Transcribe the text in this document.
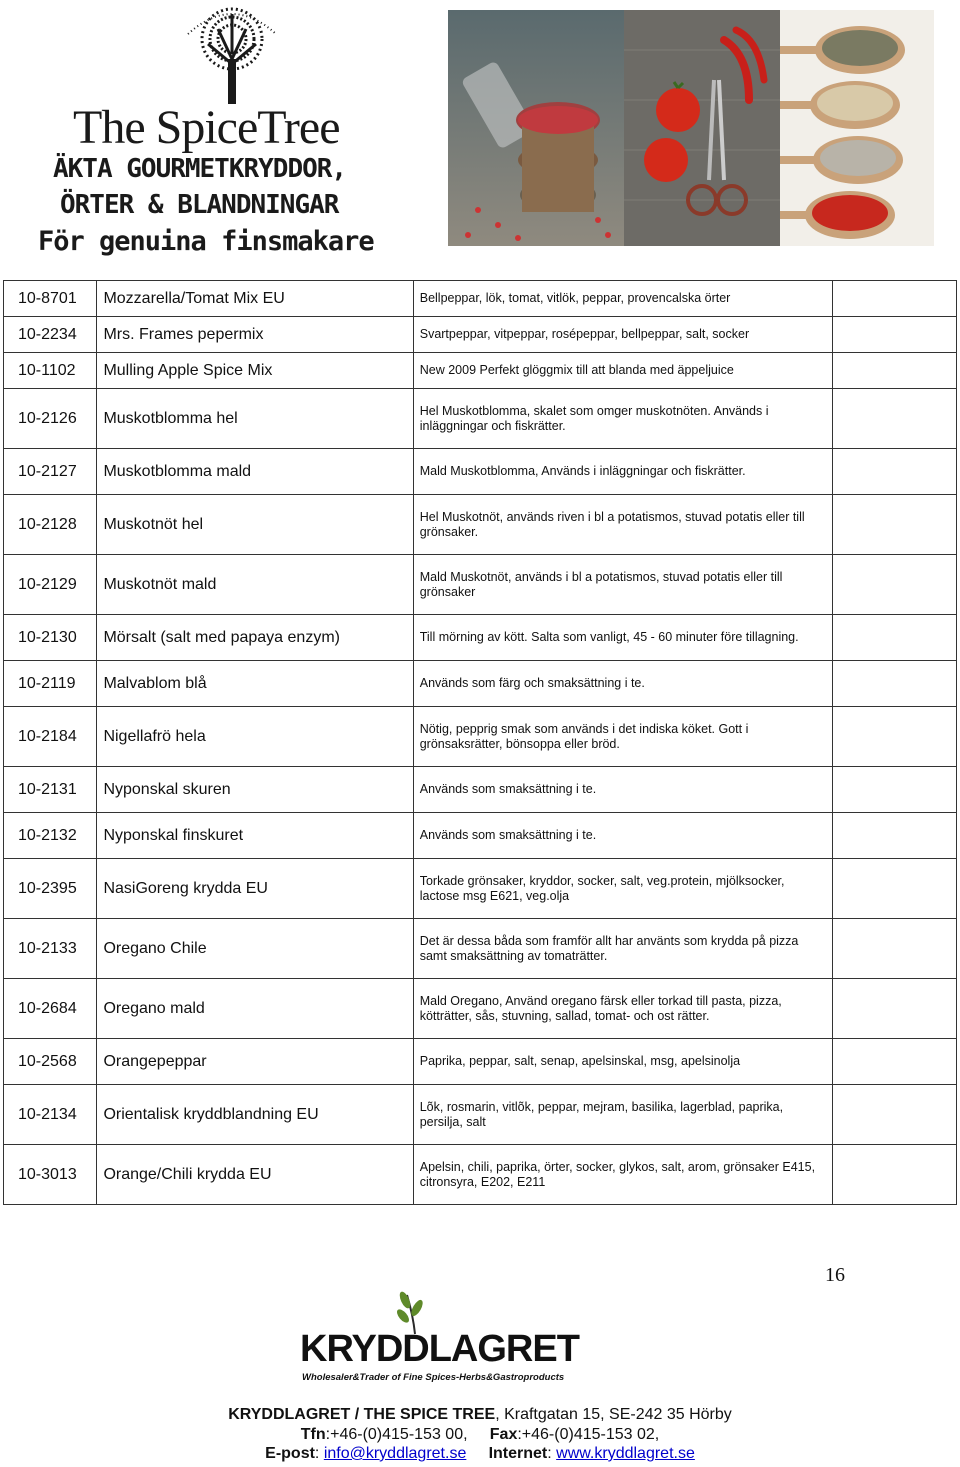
The SpiceTree
ÄKTA GOURMETKRYDDOR,
ÖRTER & BLANDNINGAR
För genuina finsmakare
10-8701	Mozzarella/Tomat Mix EU	Bellpeppar, lök, tomat, vitlök, peppar, provencalska örter	
10-2234	Mrs. Frames pepermix	Svartpeppar, vitpeppar, rosépeppar, bellpeppar, salt, socker	
10-1102	Mulling Apple Spice Mix	New 2009 Perfekt glöggmix till att blanda med äppeljuice	
10-2126	Muskotblomma hel	Hel Muskotblomma, skalet som omger muskotnöten. Används i inläggningar och fiskrätter.	
10-2127	Muskotblomma mald	Mald Muskotblomma, Används i inläggningar och fiskrätter.	
10-2128	Muskotnöt hel	Hel Muskotnöt, används riven i bl a potatismos, stuvad potatis eller till grönsaker.	
10-2129	Muskotnöt mald	Mald Muskotnöt, används i bl a potatismos, stuvad potatis eller till grönsaker	
10-2130	Mörsalt (salt med papaya enzym)	Till mörning av kött. Salta som vanligt, 45 - 60 minuter före tillagning.	
10-2119	Malvablom blå	Används som färg och smaksättning i te.	
10-2184	Nigellafrö hela	Nötig, pepprig smak som används i det indiska köket. Gott i grönsaksrätter, bönsoppa eller bröd.	
10-2131	Nyponskal skuren	Används som smaksättning i te.	
10-2132	Nyponskal finskuret	Används som smaksättning i te.	
10-2395	NasiGoreng krydda EU	Torkade grönsaker, kryddor, socker, salt, veg.protein, mjölksocker, lactose msg E621, veg.olja	
10-2133	Oregano Chile	Det är dessa båda som framför allt har använts som krydda på pizza samt smaksättning av tomaträtter.	
10-2684	Oregano mald	Mald Oregano, Använd oregano färsk eller torkad till pasta, pizza, kötträtter, sås, stuvning, sallad, tomat- och ost rätter.	
10-2568	Orangepeppar	Paprika, peppar, salt, senap, apelsinskal, msg, apelsinolja	
10-2134	Orientalisk kryddblandning EU	Lõk, rosmarin, vitlõk, peppar, mejram, basilika, lagerblad, paprika, persilja, salt	
10-3013	Orange/Chili krydda EU	Apelsin, chili, paprika, örter, socker, glykos, salt, arom, grönsaker E415, citronsyra, E202, E211	
16
KRYDDLAGRET
Wholesaler&Trader of Fine Spices-Herbs&Gastroproducts
KRYDDLAGRET / THE SPICE TREE, Kraftgatan 15, SE-242 35 Hörby
Tfn:+46-(0)415-153 00, Fax:+46-(0)415-153 02,
E-post: info@kryddlagret.se Internet: www.kryddlagret.se
